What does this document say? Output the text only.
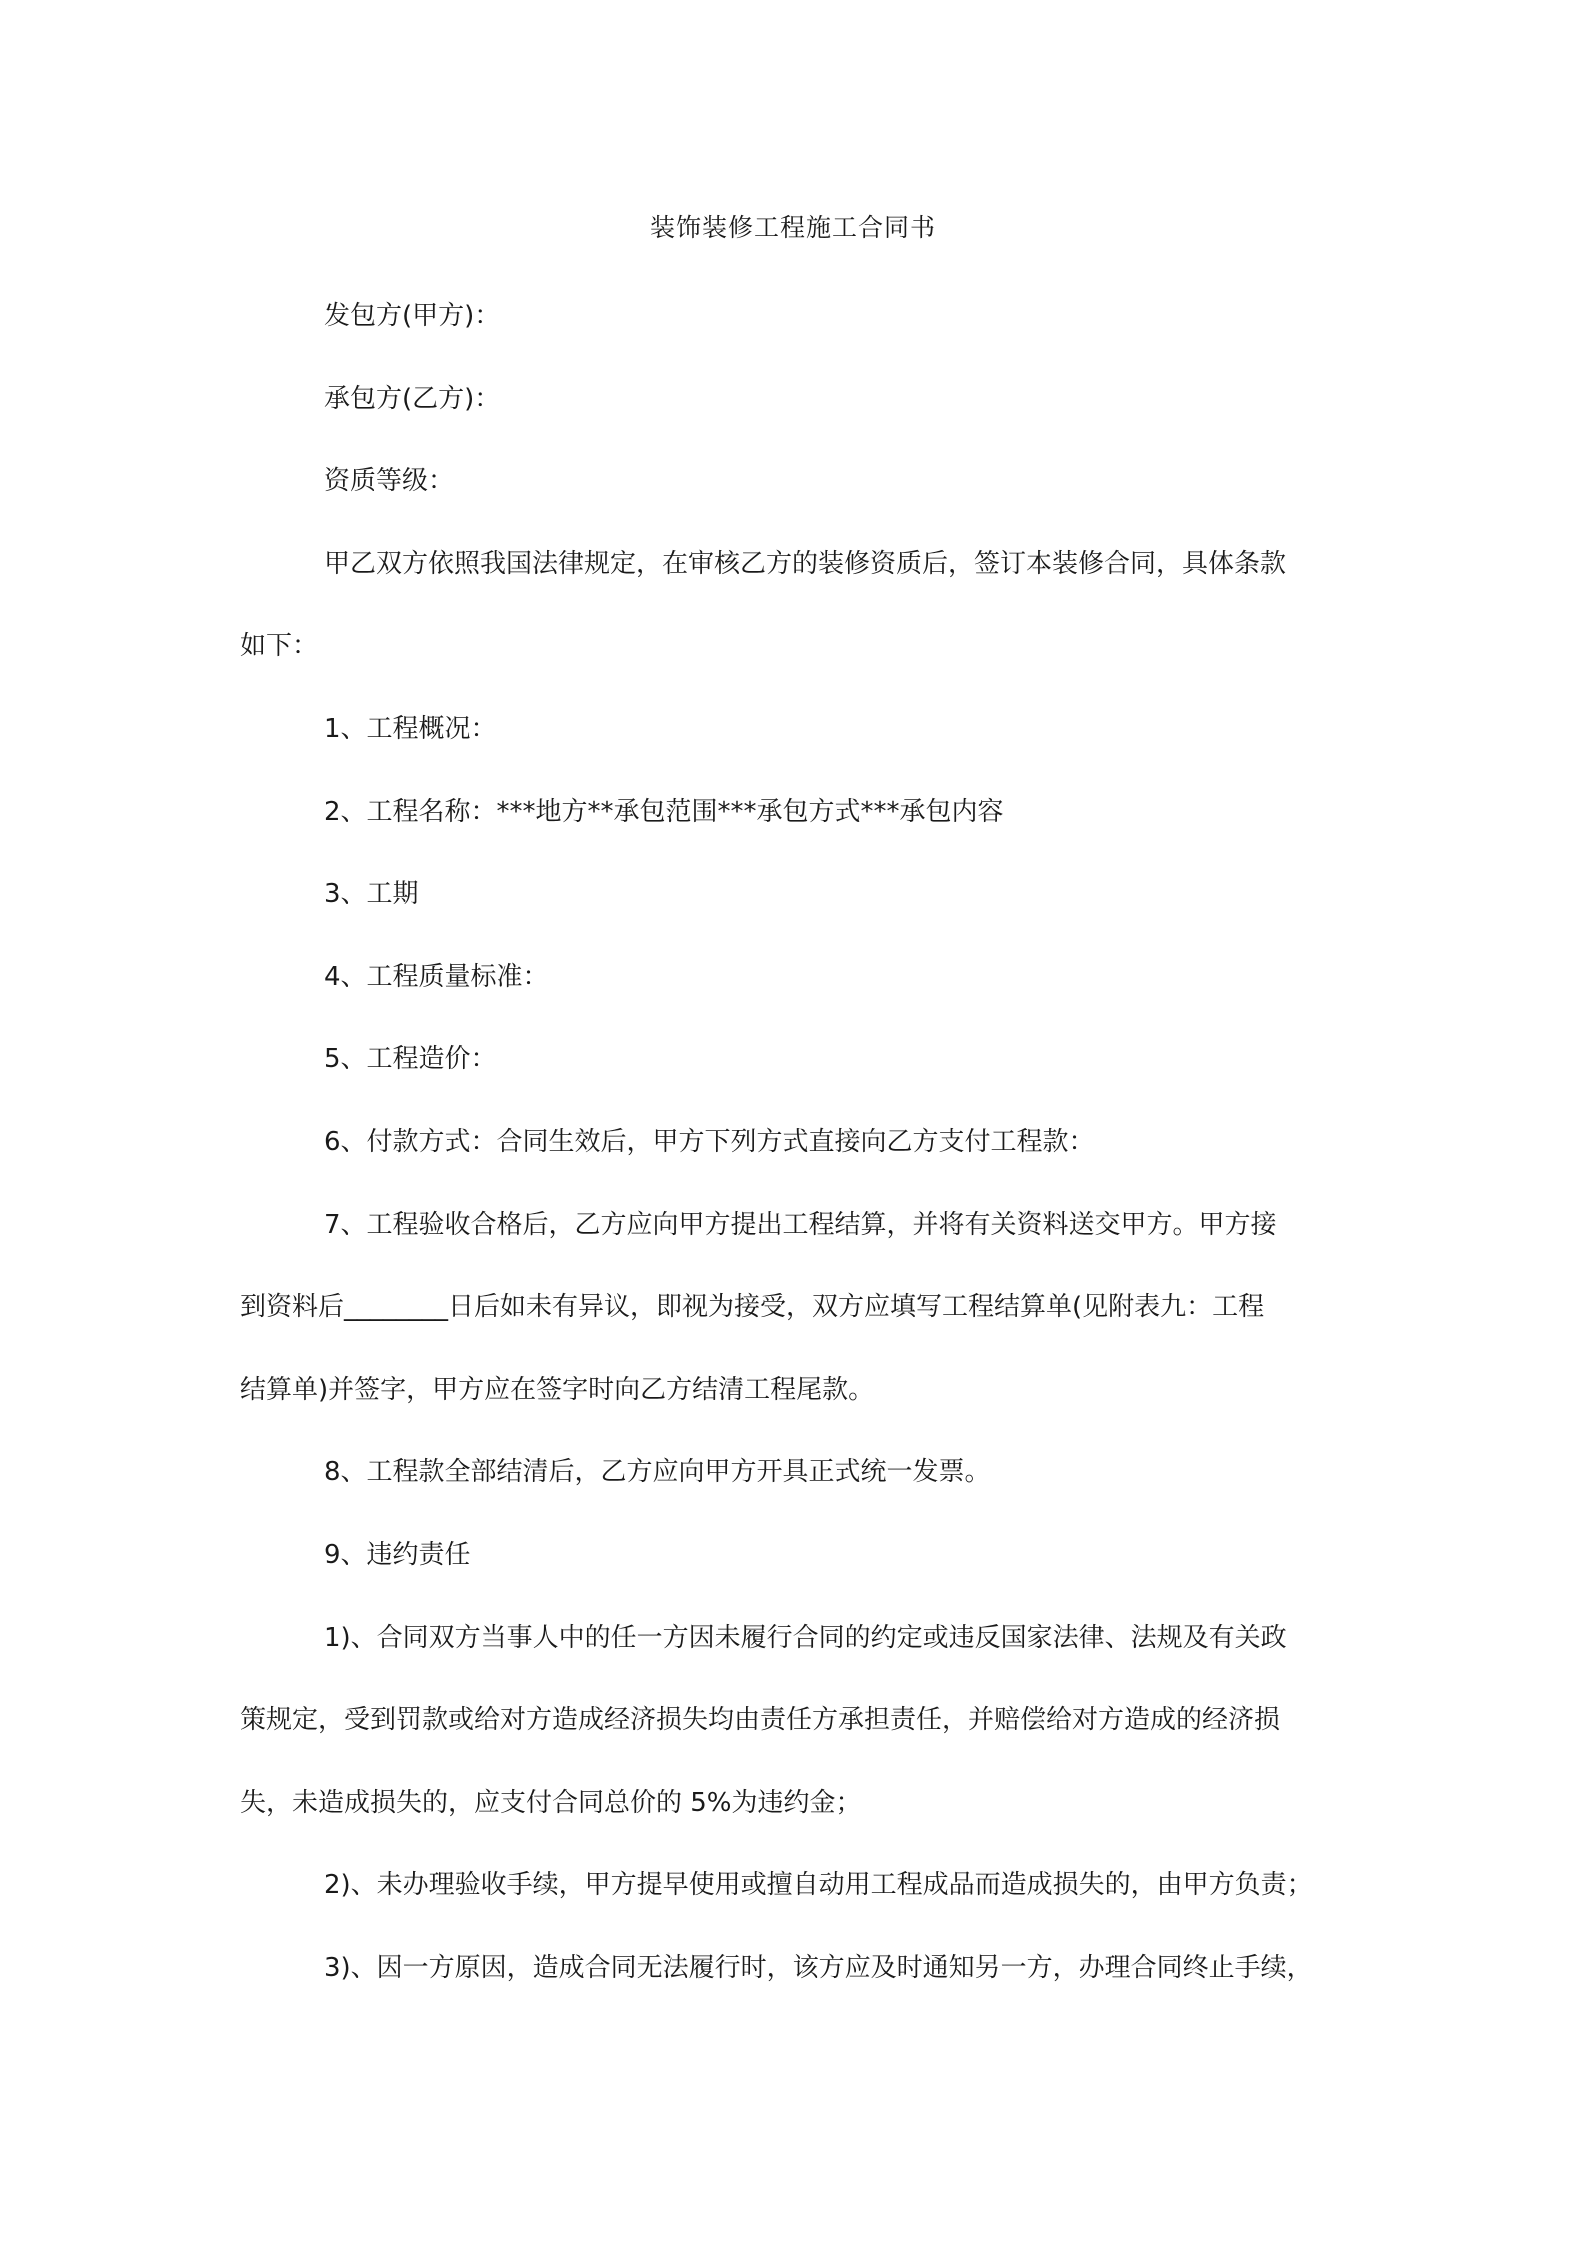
装饰装修工程施工合同书
发包方(甲方)：
承包方(乙方)：
资质等级：
甲乙双方依照我国法律规定，在审核乙方的装修资质后，签订本装修合同，具体条款
如下：
1、工程概况：
2、工程名称：***地方**承包范围***承包方式***承包内容
3、工期
4、工程质量标准：
5、工程造价：
6、付款方式：合同生效后，甲方下列方式直接向乙方支付工程款：
7、工程验收合格后，乙方应向甲方提出工程结算，并将有关资料送交甲方。甲方接
到资料后________日后如未有异议，即视为接受，双方应填写工程结算单(见附表九：工程
结算单)并签字，甲方应在签字时向乙方结清工程尾款。
8、工程款全部结清后，乙方应向甲方开具正式统一发票。
9、违约责任
1)、合同双方当事人中的任一方因未履行合同的约定或违反国家法律、法规及有关政
策规定，受到罚款或给对方造成经济损失均由责任方承担责任，并赔偿给对方造成的经济损
失，未造成损失的，应支付合同总价的 5%为违约金；
2)、未办理验收手续，甲方提早使用或擅自动用工程成品而造成损失的，由甲方负责；
3)、因一方原因，造成合同无法履行时，该方应及时通知另一方，办理合同终止手续，
